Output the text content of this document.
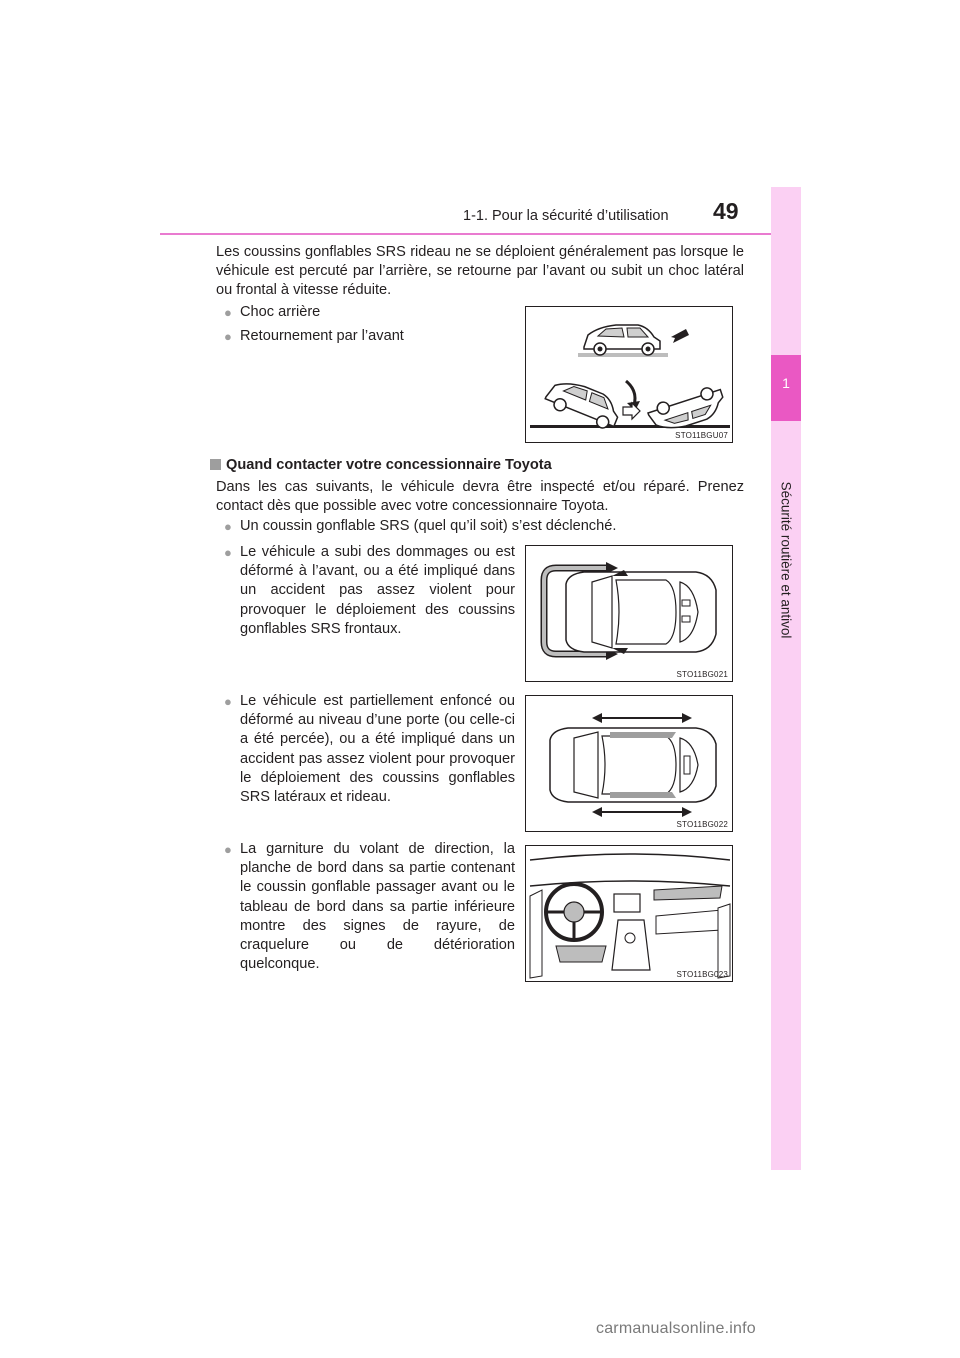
1-1. Pour la sécurité d’utilisation 49
1
Sécurité routière et antivol
Les coussins gonflables SRS rideau ne se déploient généralement pas lorsque le véhicule est percuté par l’arrière, se retourne par l’avant ou subit un choc latéral ou frontal à vitesse réduite.
● Choc arrière
● Retournement par l’avant
STO11BGU07
Quand contacter votre concessionnaire Toyota
Dans les cas suivants, le véhicule devra être inspecté et/ou réparé. Prenez contact dès que possible avec votre concessionnaire Toyota.
● Un coussin gonflable SRS (quel qu’il soit) s’est déclenché.
● Le véhicule a subi des dommages ou est déformé à l’avant, ou a été impliqué dans un accident pas assez violent pour provoquer le déploiement des coussins gonflables SRS frontaux.
STO11BG021
● Le véhicule est partiellement enfoncé ou déformé au niveau d’une porte (ou celle-ci a été percée), ou a été impliqué dans un accident pas assez violent pour provoquer le déploiement des coussins gonflables SRS latéraux et rideau.
STO11BG022
● La garniture du volant de direction, la planche de bord dans sa partie contenant le coussin gonflable passager avant ou le tableau de bord dans sa partie inférieure montre des signes de rayure, de craquelure ou de détérioration quelconque.
STO11BG023
carmanualsonline.info
